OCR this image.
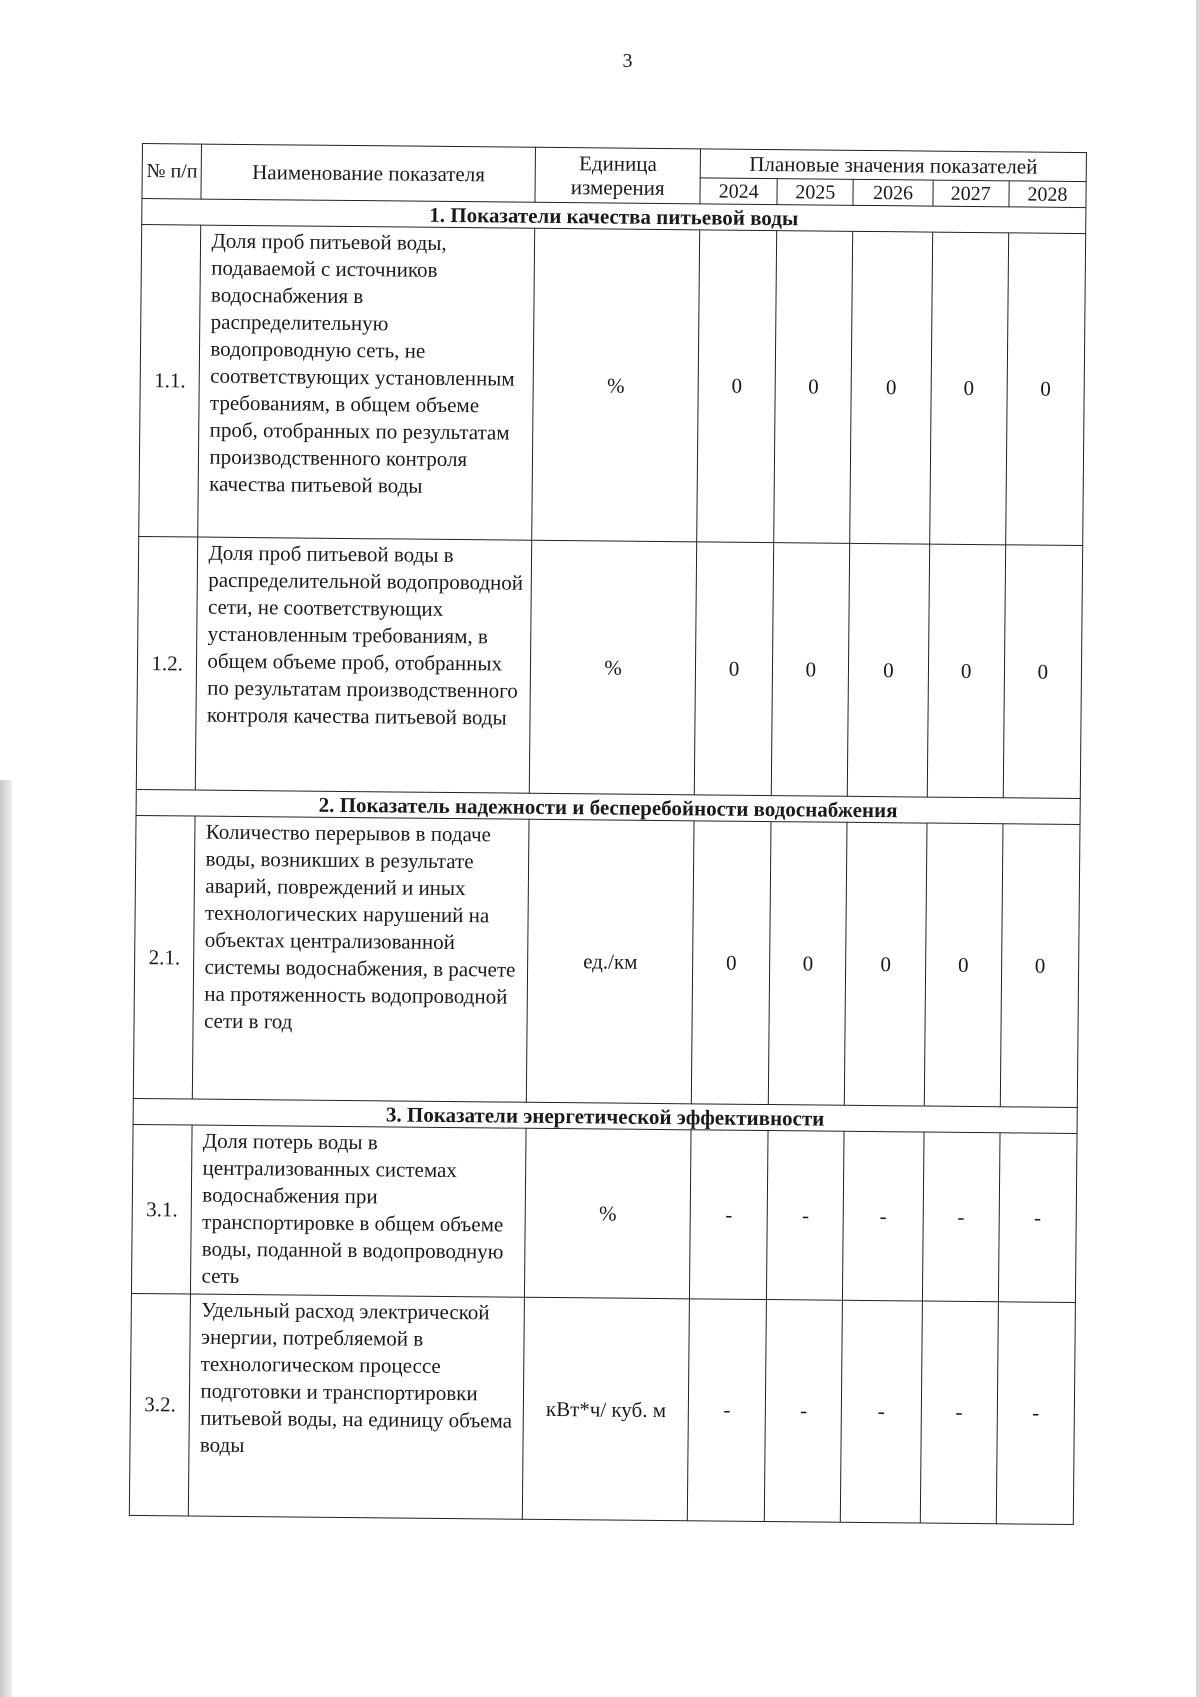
3
№ п/п	Наименование показателя	Единица измерения	Плановые значения показателей				
			2024	2025	2026	2027	2028
1. Показатели качества питьевой воды							
1.1.	Доля проб питьевой воды, подаваемой с источников водоснабжения в распределительную водопроводную сеть, не соответствующих установленным требованиям, в общем объеме проб, отобранных по результатам производственного контроля качества питьевой воды	%	0	0	0	0	0
1.2.	Доля проб питьевой воды в распределительной водопроводной сети, не соответствующих установленным требованиям, в общем объеме проб, отобранных по результатам производственного контроля качества питьевой воды	%	0	0	0	0	0
2. Показатель надежности и бесперебойности водоснабжения							
2.1.	Количество перерывов в подаче воды, возникших в результате аварий, повреждений и иных технологических нарушений на объектах централизованной системы водоснабжения, в расчете на протяженность водопроводной сети в год	ед./км	0	0	0	0	0
3. Показатели энергетической эффективности							
3.1.	Доля потерь воды в централизованных системах водоснабжения при транспортировке в общем объеме воды, поданной в водопроводную сеть	%	-	-	-	-	-
3.2.	Удельный расход электрической энергии, потребляемой в технологическом процессе подготовки и транспортировки питьевой воды, на единицу объема воды	кВт*ч/ куб. м	-	-	-	-	-
